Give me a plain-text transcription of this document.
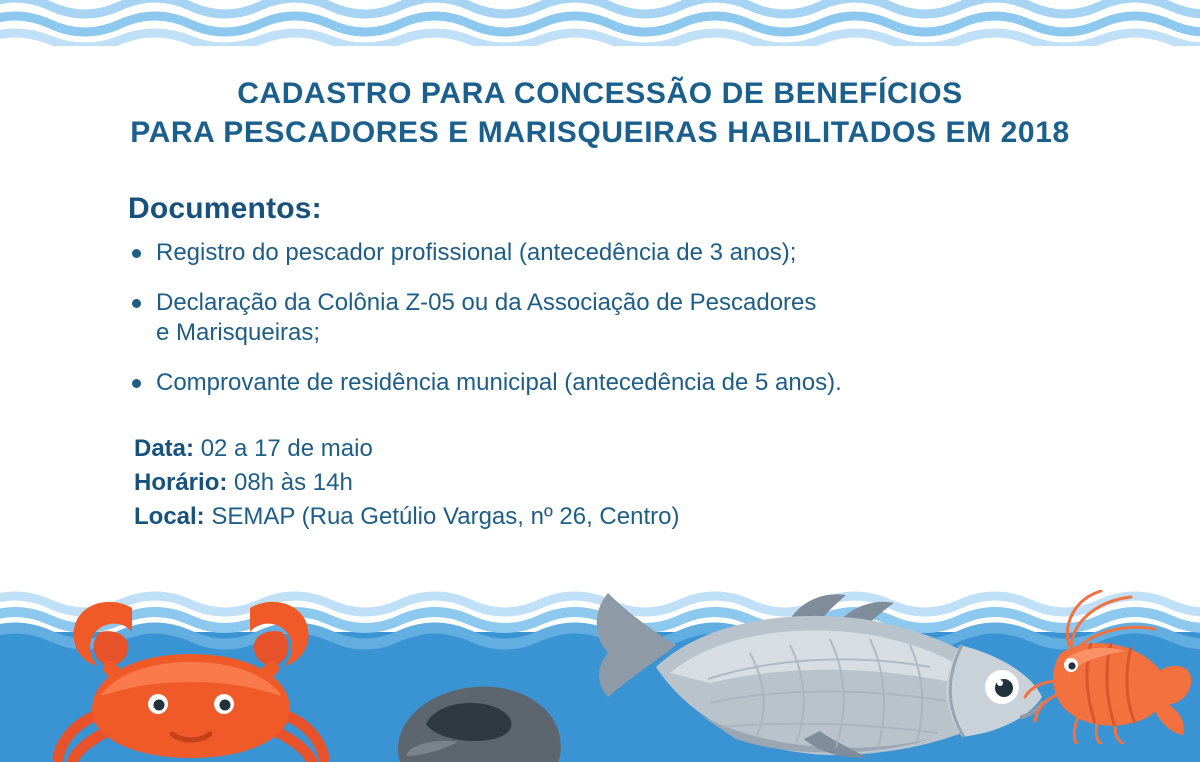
CADASTRO PARA CONCESSÃO DE BENEFÍCIOS
PARA PESCADORES E MARISQUEIRAS HABILITADOS EM 2018
Documentos:
Registro do pescador profissional (antecedência de 3 anos);
Declaração da Colônia Z-05 ou da Associação de Pescadores
e Marisqueiras;
Comprovante de residência municipal (antecedência de 5 anos).
Data: 02 a 17 de maio
Horário: 08h às 14h
Local: SEMAP (Rua Getúlio Vargas, nº 26, Centro)
